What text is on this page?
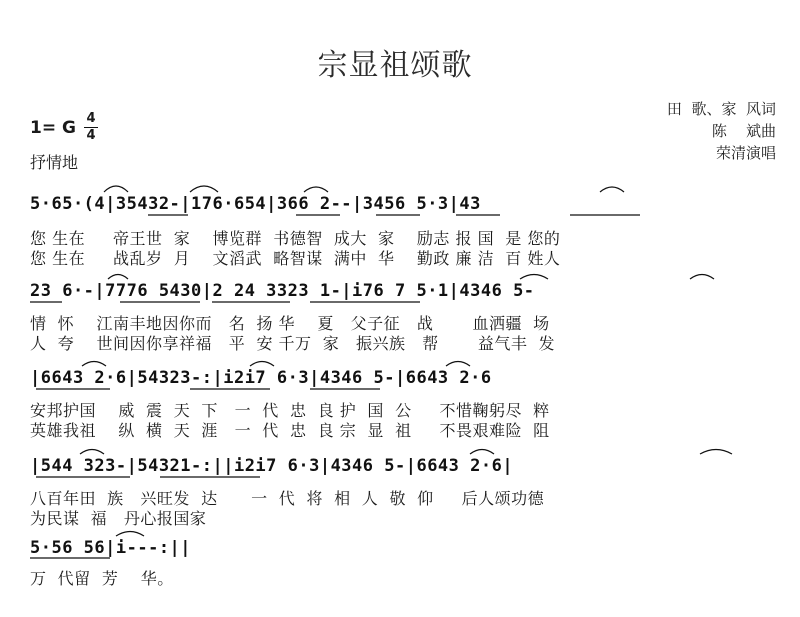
宗显祖颂歌
田  歌、家  风词
陈    斌曲
荣清演唱
1= G 4
4
抒情地
5·65·(4|35432-|176·654|366 2--|3456 5·3|43
您 生在     帝王世  家    博览群  书德智  成大  家    励志 报 国  是 您的
您 生在     战乱岁  月    文滔武  略智谋  满中  华    勤政 廉 洁  百 姓人
23 6·-|7776 5430|2 24 3323 1-|i76 7 5·1|4346 5-
情  怀    江南丰地因你而   名  扬 华    夏   父子征   战       血洒疆  场
人  夸    世间因你享祥福   平  安 千万  家   振兴族   帮       益气丰  发
|6643 2·6|54323-:|i2i7 6·3|4346 5-|6643 2·6
安邦护国    威  震  天  下   一  代  忠  良 护  国  公     不惜鞠躬尽  粹
英雄我祖    纵  横  天  涯   一  代  忠  良 宗  显  祖     不畏艰难险  阻
|544 323-|54321-:||i2i7 6·3|4346 5-|6643 2·6|
八百年田  族   兴旺发  达      一  代  将  相  人  敬  仰     后人颂功德
为民谋  福   丹心报国家
5·56 56|i---:||
万  代留  芳    华。
